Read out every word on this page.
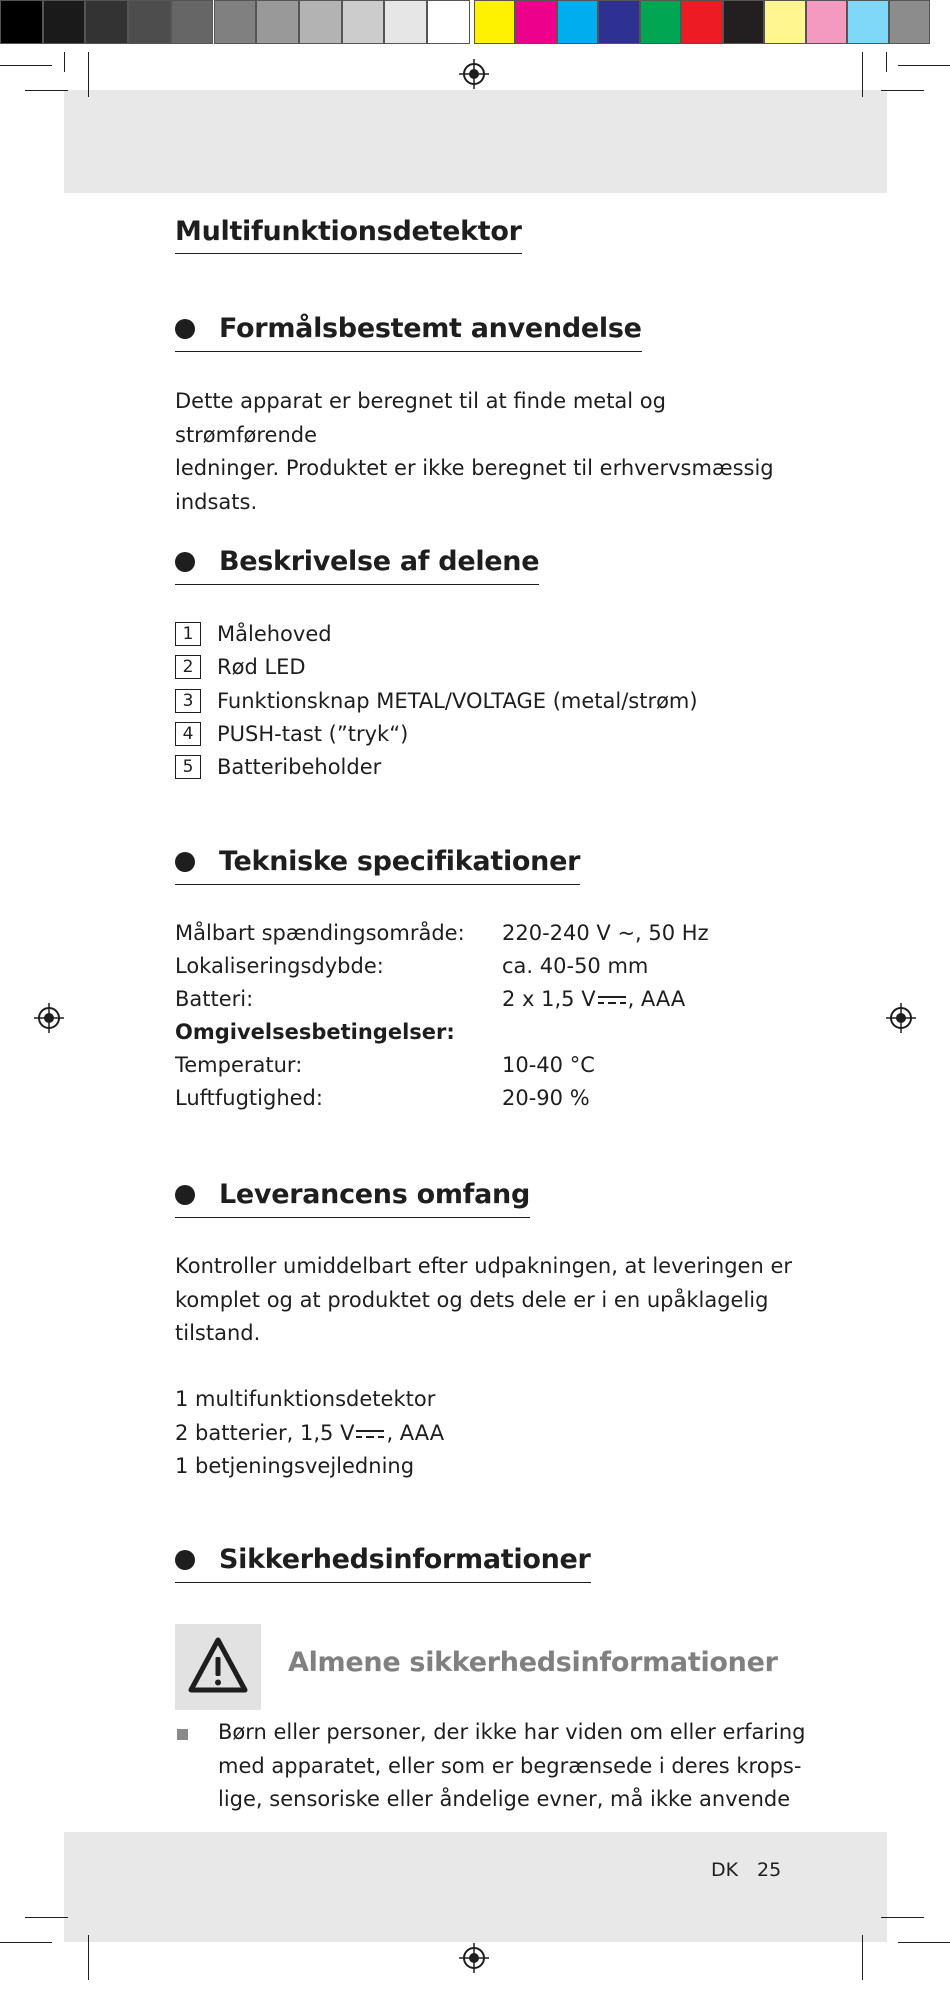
Multifunktionsdetektor
Formålsbestemt anvendelse
Dette apparat er beregnet til at finde metal og strømførende
ledninger. Produktet er ikke beregnet til erhvervsmæssig
indsats.
Beskrivelse af delene
1	Målehoved
2	Rød LED
3	Funktionsknap METAL/VOLTAGE (metal/strøm)
4	PUSH-tast (”tryk“)
5	Batteribeholder
Tekniske specifikationer
Målbart spændingsområde: 220-240 V ~, 50 Hz
Lokaliseringsdybde:	ca. 40-50 mm
Batteri:	2 x 1,5 V , AAA
Omgivelsesbetingelser:
Temperatur:	10-40 °C
Luftfugtighed:	20-90 %
Leverancens omfang
Kontroller umiddelbart efter udpakningen, at leveringen er
komplet og at produktet og dets dele er i en upåklagelig
tilstand.
1 multifunktionsdetektor
2 batterier, 1,5 V , AAA
1 betjeningsvejledning
Sikkerhedsinformationer
Almene sikkerhedsinformationer
Børn eller personer, der ikke har viden om eller erfaring
med apparatet, eller som er begrænsede i deres krops-
lige, sensoriske eller åndelige evner, må ikke anvende
DK 25
